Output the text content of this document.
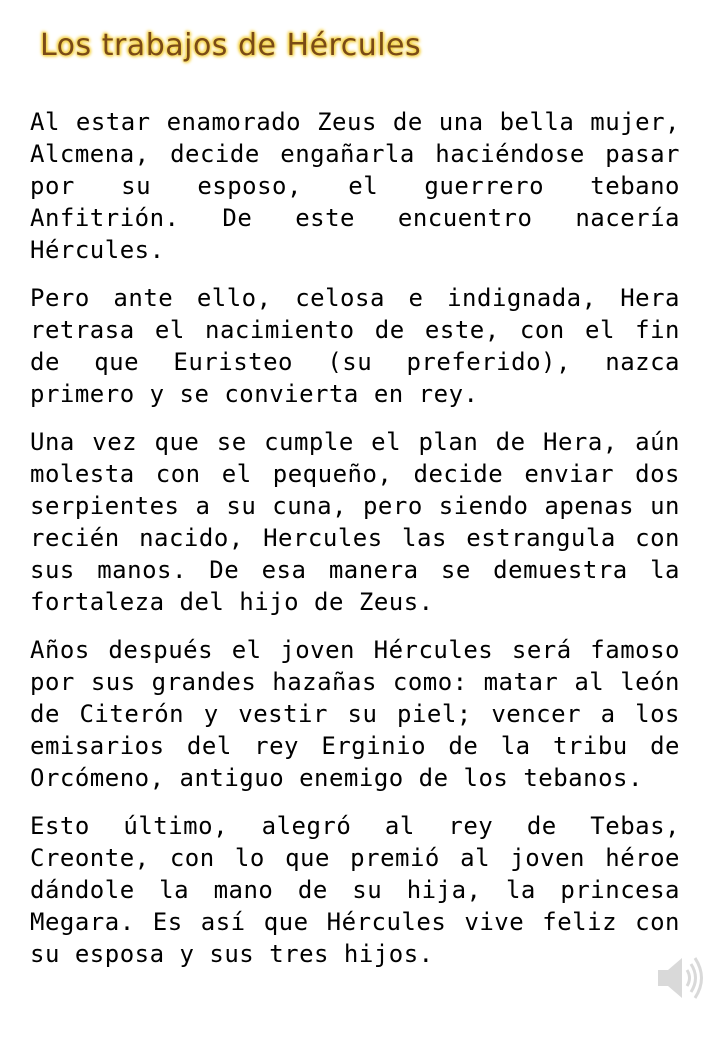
Los trabajos de Hércules

Al estar enamorado Zeus de una bella mujer, Alcmena, decide engañarla haciéndose pasar por su esposo, el guerrero tebano Anfitrión. De este encuentro nacería Hércules.

Pero ante ello, celosa e indignada, Hera retrasa el nacimiento de este, con el fin de que Euristeo (su preferido), nazca primero y se convierta en rey.

Una vez que se cumple el plan de Hera, aún molesta con el pequeño, decide enviar dos serpientes a su cuna, pero siendo apenas un recién nacido, Hercules las estrangula con sus manos. De esa manera se demuestra la fortaleza del hijo de Zeus.

Años después el joven Hércules será famoso por sus grandes hazañas como: matar al león de Citerón y vestir su piel; vencer a los emisarios del rey Erginio de la tribu de Orcómeno, antiguo enemigo de los tebanos.

Esto último, alegró al rey de Tebas, Creonte, con lo que premió al joven héroe dándole la mano de su hija, la princesa Megara. Es así que Hércules vive feliz con su esposa y sus tres hijos.
